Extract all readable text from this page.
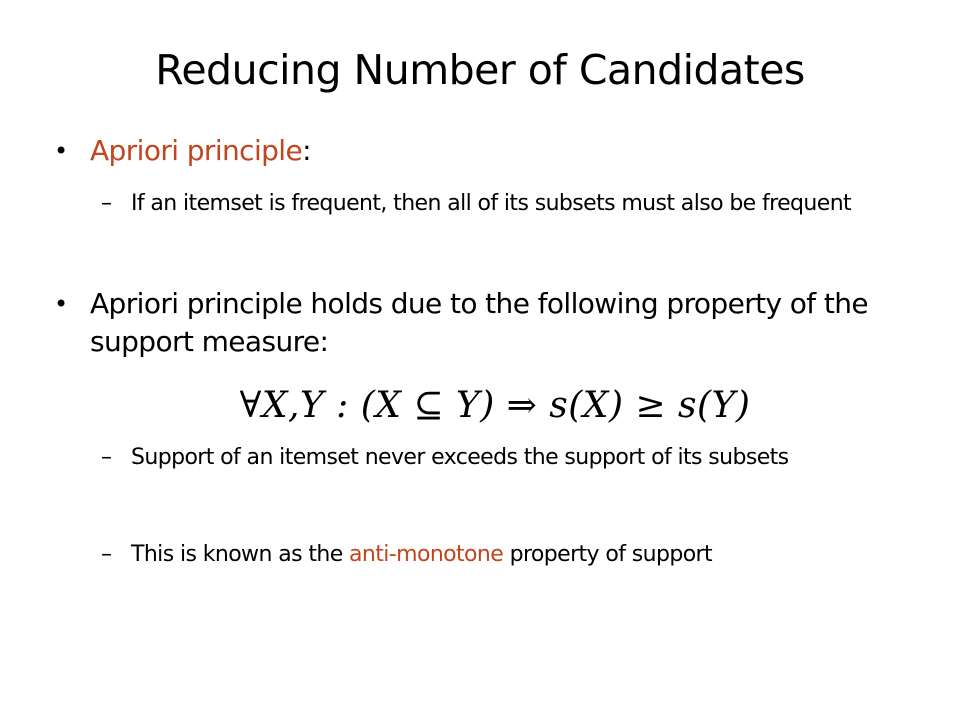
Reducing Number of Candidates
• Apriori principle:
– If an itemset is frequent, then all of its subsets must also be frequent
• Apriori principle holds due to the following property of the support measure:
∀X,Y : (X ⊆ Y) ⇒ s(X) ≥ s(Y)
– Support of an itemset never exceeds the support of its subsets
– This is known as the anti-monotone property of support
